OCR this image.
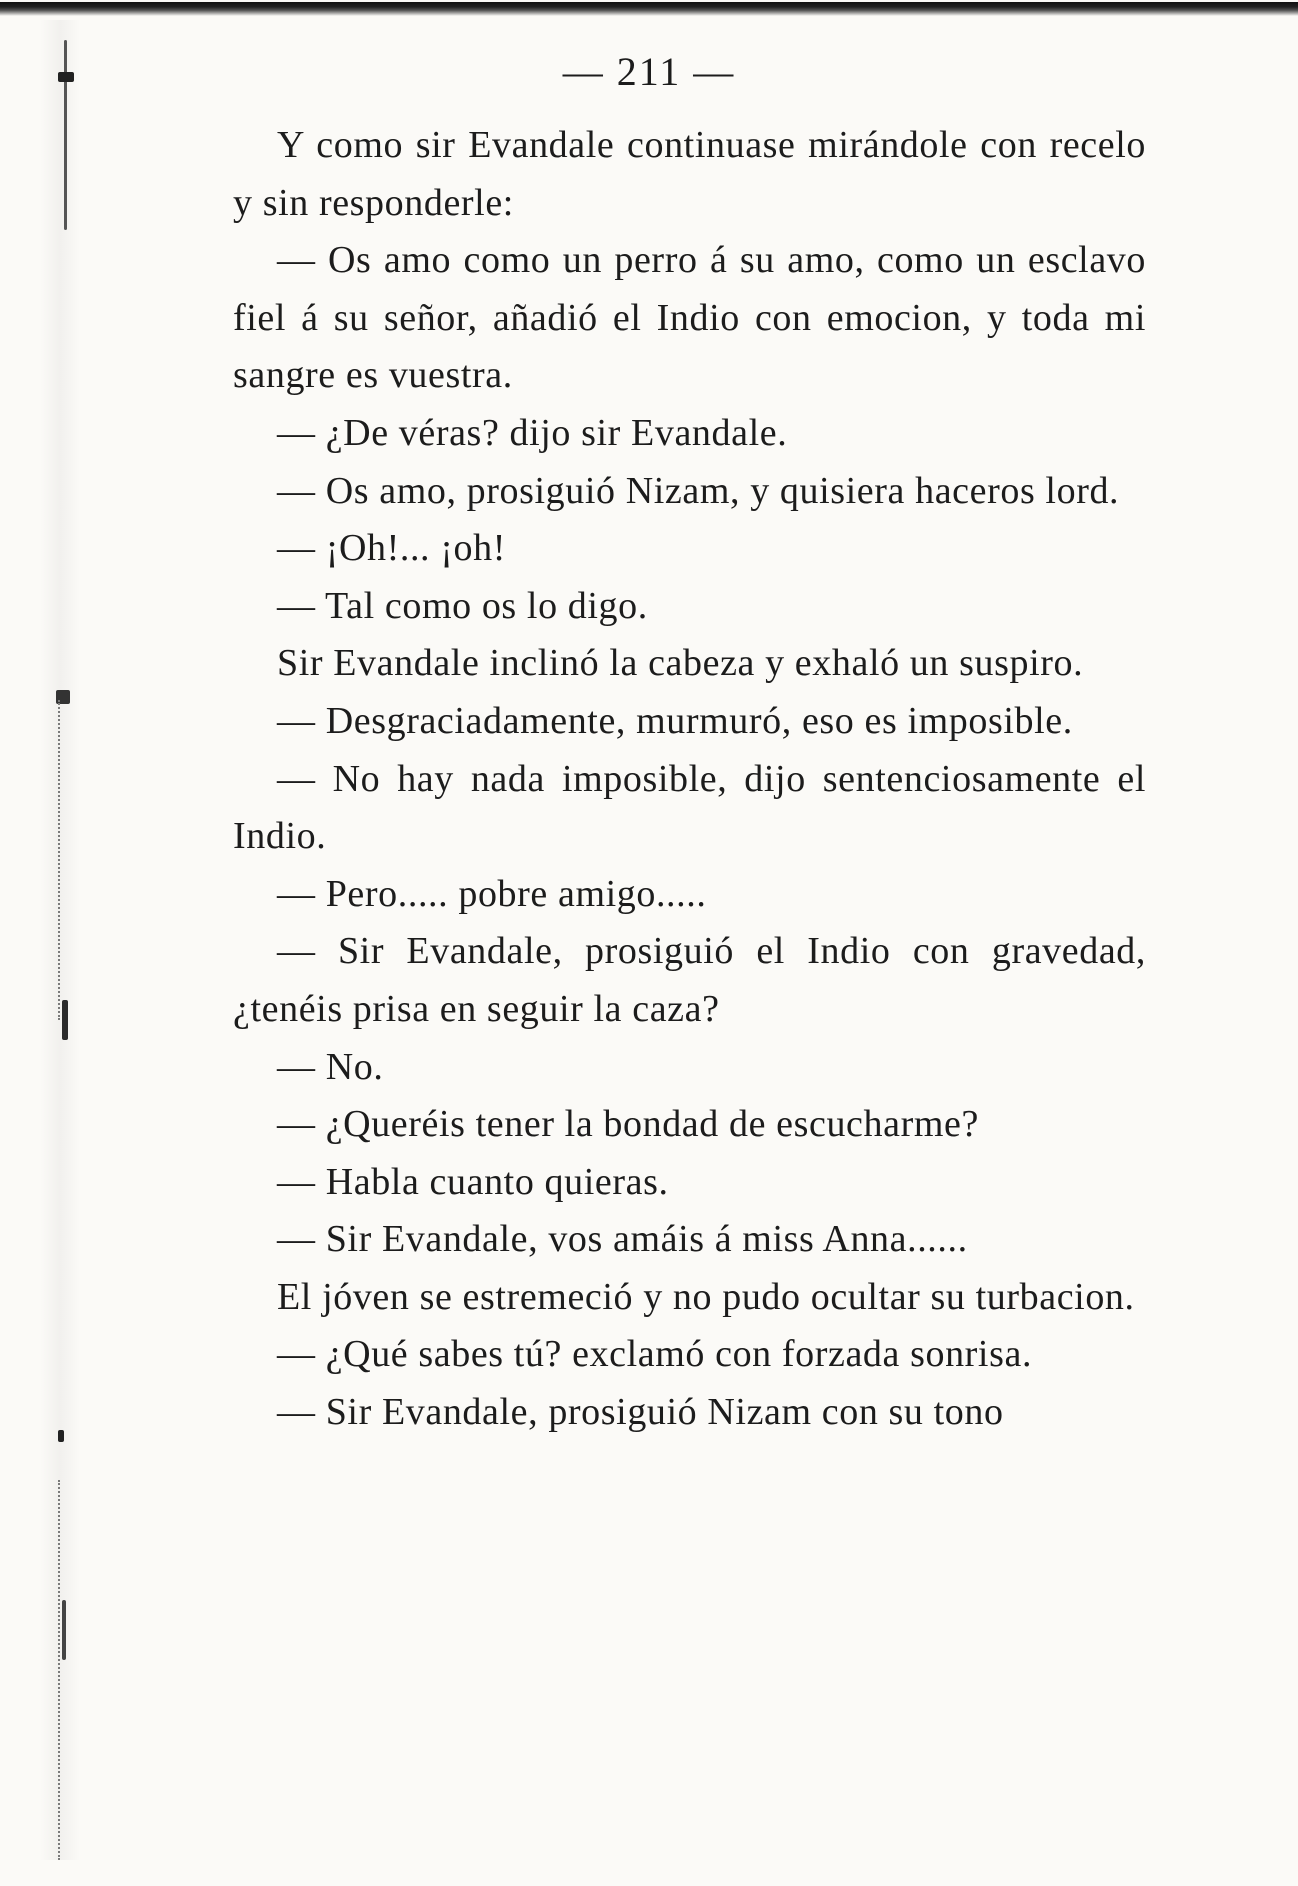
— 211 —

Y como sir Evandale continuase mirándole con recelo y sin responderle:

— Os amo como un perro á su amo, como un esclavo fiel á su señor, añadió el Indio con emocion, y toda mi sangre es vuestra.

— ¿De véras? dijo sir Evandale.

— Os amo, prosiguió Nizam, y quisiera haceros lord.

— ¡Oh!... ¡oh!

— Tal como os lo digo.

Sir Evandale inclinó la cabeza y exhaló un suspiro.

— Desgraciadamente, murmuró, eso es imposible.

— No hay nada imposible, dijo sentenciosamente el Indio.

— Pero..... pobre amigo.....

— Sir Evandale, prosiguió el Indio con gravedad, ¿tenéis prisa en seguir la caza?

— No.

— ¿Queréis tener la bondad de escucharme?

— Habla cuanto quieras.

— Sir Evandale, vos amáis á miss Anna......

El jóven se estremeció y no pudo ocultar su turbacion.

— ¿Qué sabes tú? exclamó con forzada sonrisa.

— Sir Evandale, prosiguió Nizam con su tono
